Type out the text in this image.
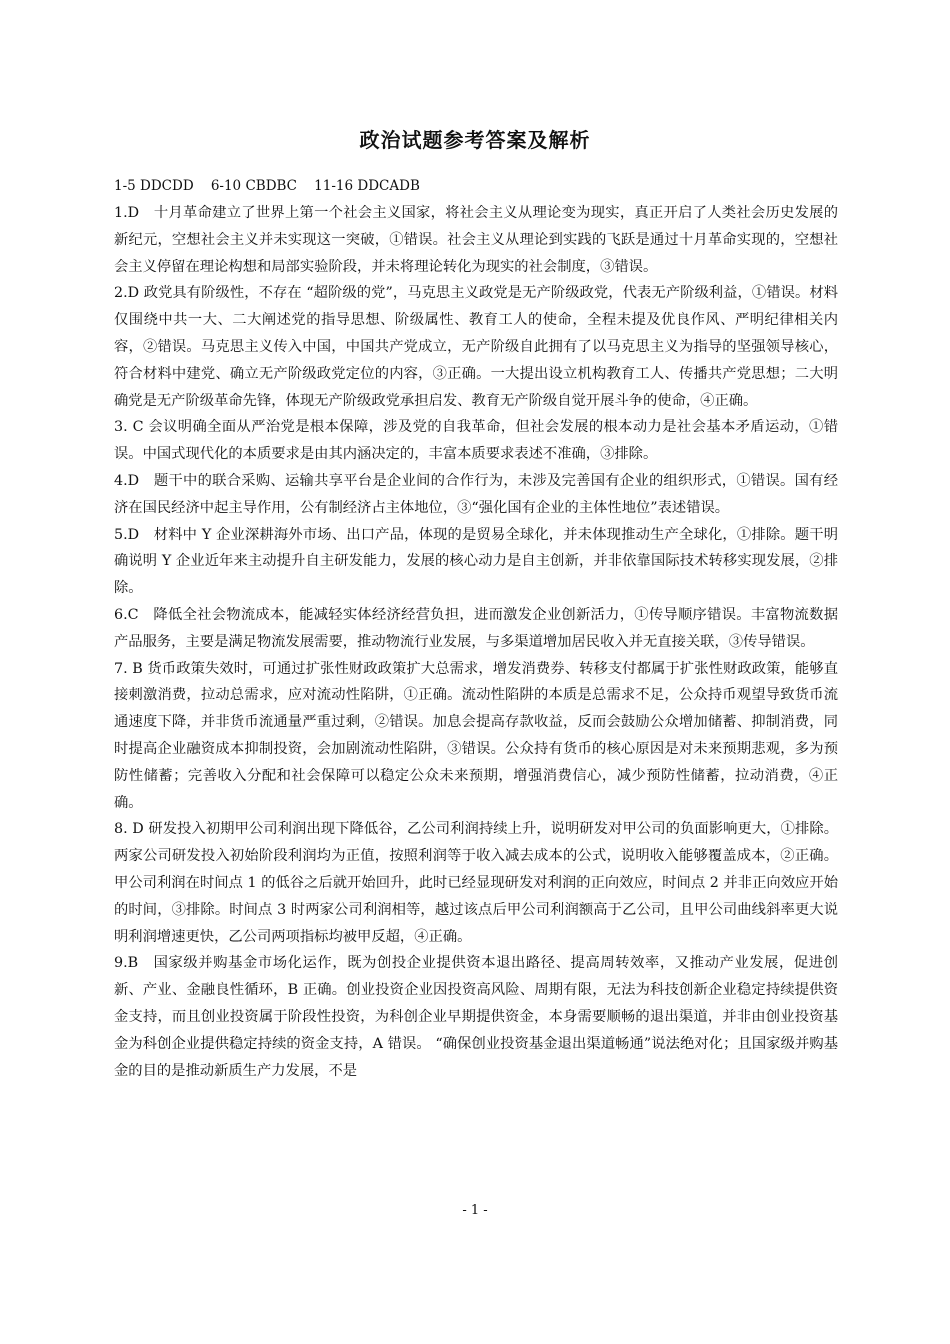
政治试题参考答案及解析
1-5 DDCDD    6-10 CBDBC    11-16 DDCADB

1.D　十月革命建立了世界上第一个社会主义国家，将社会主义从理论变为现实，真正开启了人类社会历史发展的新纪元，空想社会主义并未实现这一突破，①错误。社会主义从理论到实践的飞跃是通过十月革命实现的，空想社会主义停留在理论构想和局部实验阶段，并未将理论转化为现实的社会制度，③错误。

2.D 政党具有阶级性，不存在 “超阶级的党”，马克思主义政党是无产阶级政党，代表无产阶级利益，①错误。材料仅围绕中共一大、二大阐述党的指导思想、阶级属性、教育工人的使命，全程未提及优良作风、严明纪律相关内容，②错误。马克思主义传入中国，中国共产党成立，无产阶级自此拥有了以马克思主义为指导的坚强领导核心，符合材料中建党、确立无产阶级政党定位的内容，③正确。一大提出设立机构教育工人、传播共产党思想；二大明确党是无产阶级革命先锋，体现无产阶级政党承担启发、教育无产阶级自觉开展斗争的使命，④正确。

3. C 会议明确全面从严治党是根本保障，涉及党的自我革命，但社会发展的根本动力是社会基本矛盾运动，①错误。中国式现代化的本质要求是由其内涵决定的，丰富本质要求表述不准确，③排除。

4.D　题干中的联合采购、运输共享平台是企业间的合作行为，未涉及完善国有企业的组织形式，①错误。国有经济在国民经济中起主导作用，公有制经济占主体地位，③“强化国有企业的主体性地位”表述错误。

5.D　材料中 Y 企业深耕海外市场、出口产品，体现的是贸易全球化，并未体现推动生产全球化，①排除。题干明确说明 Y 企业近年来主动提升自主研发能力，发展的核心动力是自主创新，并非依靠国际技术转移实现发展，②排除。

6.C　降低全社会物流成本，能减轻实体经济经营负担，进而激发企业创新活力，①传导顺序错误。丰富物流数据产品服务，主要是满足物流发展需要，推动物流行业发展，与多渠道增加居民收入并无直接关联，③传导错误。

7. B 货币政策失效时，可通过扩张性财政政策扩大总需求，增发消费券、转移支付都属于扩张性财政政策，能够直接刺激消费，拉动总需求，应对流动性陷阱，①正确。流动性陷阱的本质是总需求不足，公众持币观望导致货币流通速度下降，并非货币流通量严重过剩，②错误。加息会提高存款收益，反而会鼓励公众增加储蓄、抑制消费，同时提高企业融资成本抑制投资，会加剧流动性陷阱，③错误。公众持有货币的核心原因是对未来预期悲观，多为预防性储蓄；完善收入分配和社会保障可以稳定公众未来预期，增强消费信心，减少预防性储蓄，拉动消费，④正确。

8. D 研发投入初期甲公司利润出现下降低谷，乙公司利润持续上升，说明研发对甲公司的负面影响更大，①排除。两家公司研发投入初始阶段利润均为正值，按照利润等于收入减去成本的公式，说明收入能够覆盖成本，②正确。甲公司利润在时间点 1 的低谷之后就开始回升，此时已经显现研发对利润的正向效应，时间点 2 并非正向效应开始的时间，③排除。时间点 3 时两家公司利润相等，越过该点后甲公司利润额高于乙公司，且甲公司曲线斜率更大说明利润增速更快，乙公司两项指标均被甲反超，④正确。

9.B　国家级并购基金市场化运作，既为创投企业提供资本退出路径、提高周转效率，又推动产业发展，促进创新、产业、金融良性循环，B 正确。创业投资企业因投资高风险、周期有限，无法为科技创新企业稳定持续提供资金支持，而且创业投资属于阶段性投资，为科创企业早期提供资金，本身需要顺畅的退出渠道，并非由创业投资基金为科创企业提供稳定持续的资金支持，A 错误。 “确保创业投资基金退出渠道畅通”说法绝对化；且国家级并购基金的目的是推动新质生产力发展，不是

- 1 -
